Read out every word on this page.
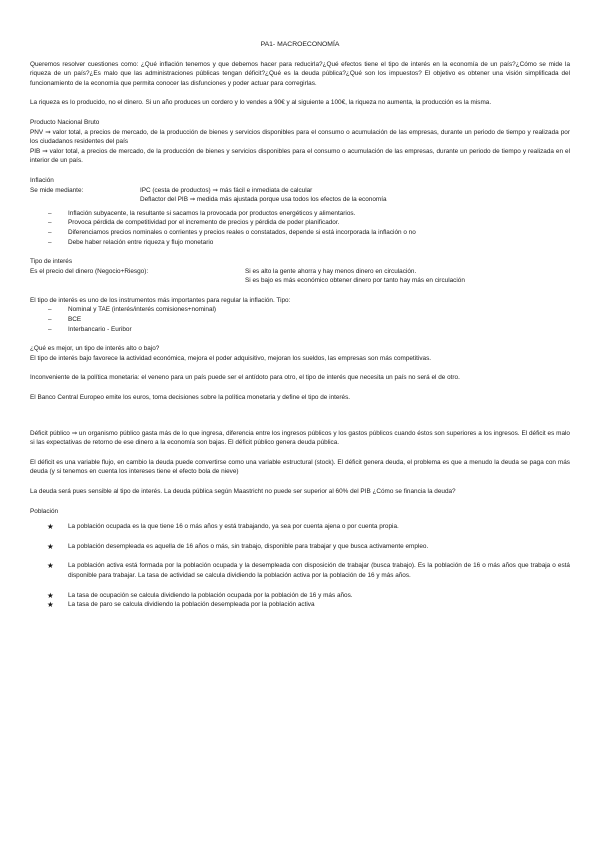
PA1- MACROECONOMÍA

Queremos resolver cuestiones como: ¿Qué inflación tenemos y que debemos hacer para reducirla?¿Qué efectos tiene el tipo de interés en la economía de un país?¿Cómo se mide la riqueza de un país?¿Es malo que las administraciones públicas tengan déficit?¿Qué es la deuda pública?¿Qué son los impuestos? El objetivo es obtener una visión simplificada del funcionamiento de la economía que permita conocer las disfunciones y poder actuar para corregirlas.

La riqueza es lo producido, no el dinero. Si un año produces un cordero y lo vendes a 90€ y al siguiente a 100€, la riqueza no aumenta, la producción es la misma.

Producto Nacional Bruto
PNV ⇒ valor total, a precios de mercado, de la producción de bienes y servicios disponibles para el consumo o acumulación de las empresas, durante un periodo de tiempo y realizada por los ciudadanos residentes del país

PIB ⇒ valor total, a precios de mercado, de la producción de bienes y servicios disponibles para el consumo o acumulación de las empresas, durante un periodo de tiempo y realizada en el interior de un país.

Inflación
Se mide mediante:	IPC (cesta de productos) ⇒ más fácil e inmediata de calcular
Deflactor del PIB ⇒ medida más ajustada porque usa todos los efectos de la economía
– Inflación subyacente, la resultante si sacamos la provocada por productos energéticos y alimentarios.
– Provoca pérdida de competitividad por el incremento de precios y pérdida de poder planificador.
– Diferenciamos precios nominales o corrientes y precios reales o constatados, depende si está incorporada la inflación o no
– Debe haber relación entre riqueza y flujo monetario
Tipo de interés
Es el precio del dinero (Negocio+Riesgo):	Si es alto la gente ahorra y hay menos dinero en circulación.
Si es bajo es más económico obtener dinero por tanto hay más en circulación
El tipo de interés es uno de los instrumentos más importantes para regular la inflación. Tipo:
– Nominal y TAE (interés/interés comisiones+nominal)
– BCE
– Interbancario - Euribor
¿Qué es mejor, un tipo de interés alto o bajo?

El tipo de interés bajo favorece la actividad económica, mejora el poder adquisitivo, mejoran los sueldos, las empresas son más competitivas.

Inconveniente de la política monetaria: el veneno para un país puede ser el antídoto para otro, el tipo de interés que necesita un país no será el de otro.

El Banco Central Europeo emite los euros, toma decisiones sobre la política monetaria y define el tipo de interés.

Déficit público ⇒ un organismo público gasta más de lo que ingresa, diferencia entre los ingresos públicos y los gastos públicos cuando éstos son superiores a los ingresos. El déficit es malo si las expectativas de retorno de ese dinero a la economía son bajas. El déficit público genera deuda pública.

El déficit es una variable flujo, en cambio la deuda puede convertirse como una variable estructural (stock). El déficit genera deuda, el problema es que a menudo la deuda se paga con más deuda (y si tenemos en cuenta los intereses tiene el efecto bola de nieve)

La deuda será pues sensible al tipo de interés. La deuda pública según Maastricht no puede ser superior al 60% del PIB ¿Cómo se financia la deuda?

Población
★ La población ocupada es la que tiene 16 o más años y está trabajando, ya sea por cuenta ajena o por cuenta propia.
★ La población desempleada es aquella de 16 años o más, sin trabajo, disponible para trabajar y que busca activamente empleo.
★ La población activa está formada por la población ocupada y la desempleada con disposición de trabajar (busca trabajo). Es la población de 16 o más años que trabaja o está disponible para trabajar. La tasa de actividad se calcula dividiendo la población activa por la población de 16 y más años.
★ La tasa de ocupación se calcula dividiendo la población ocupada por la población de 16 y más años.
★ La tasa de paro se calcula dividiendo la población desempleada por la población activa
